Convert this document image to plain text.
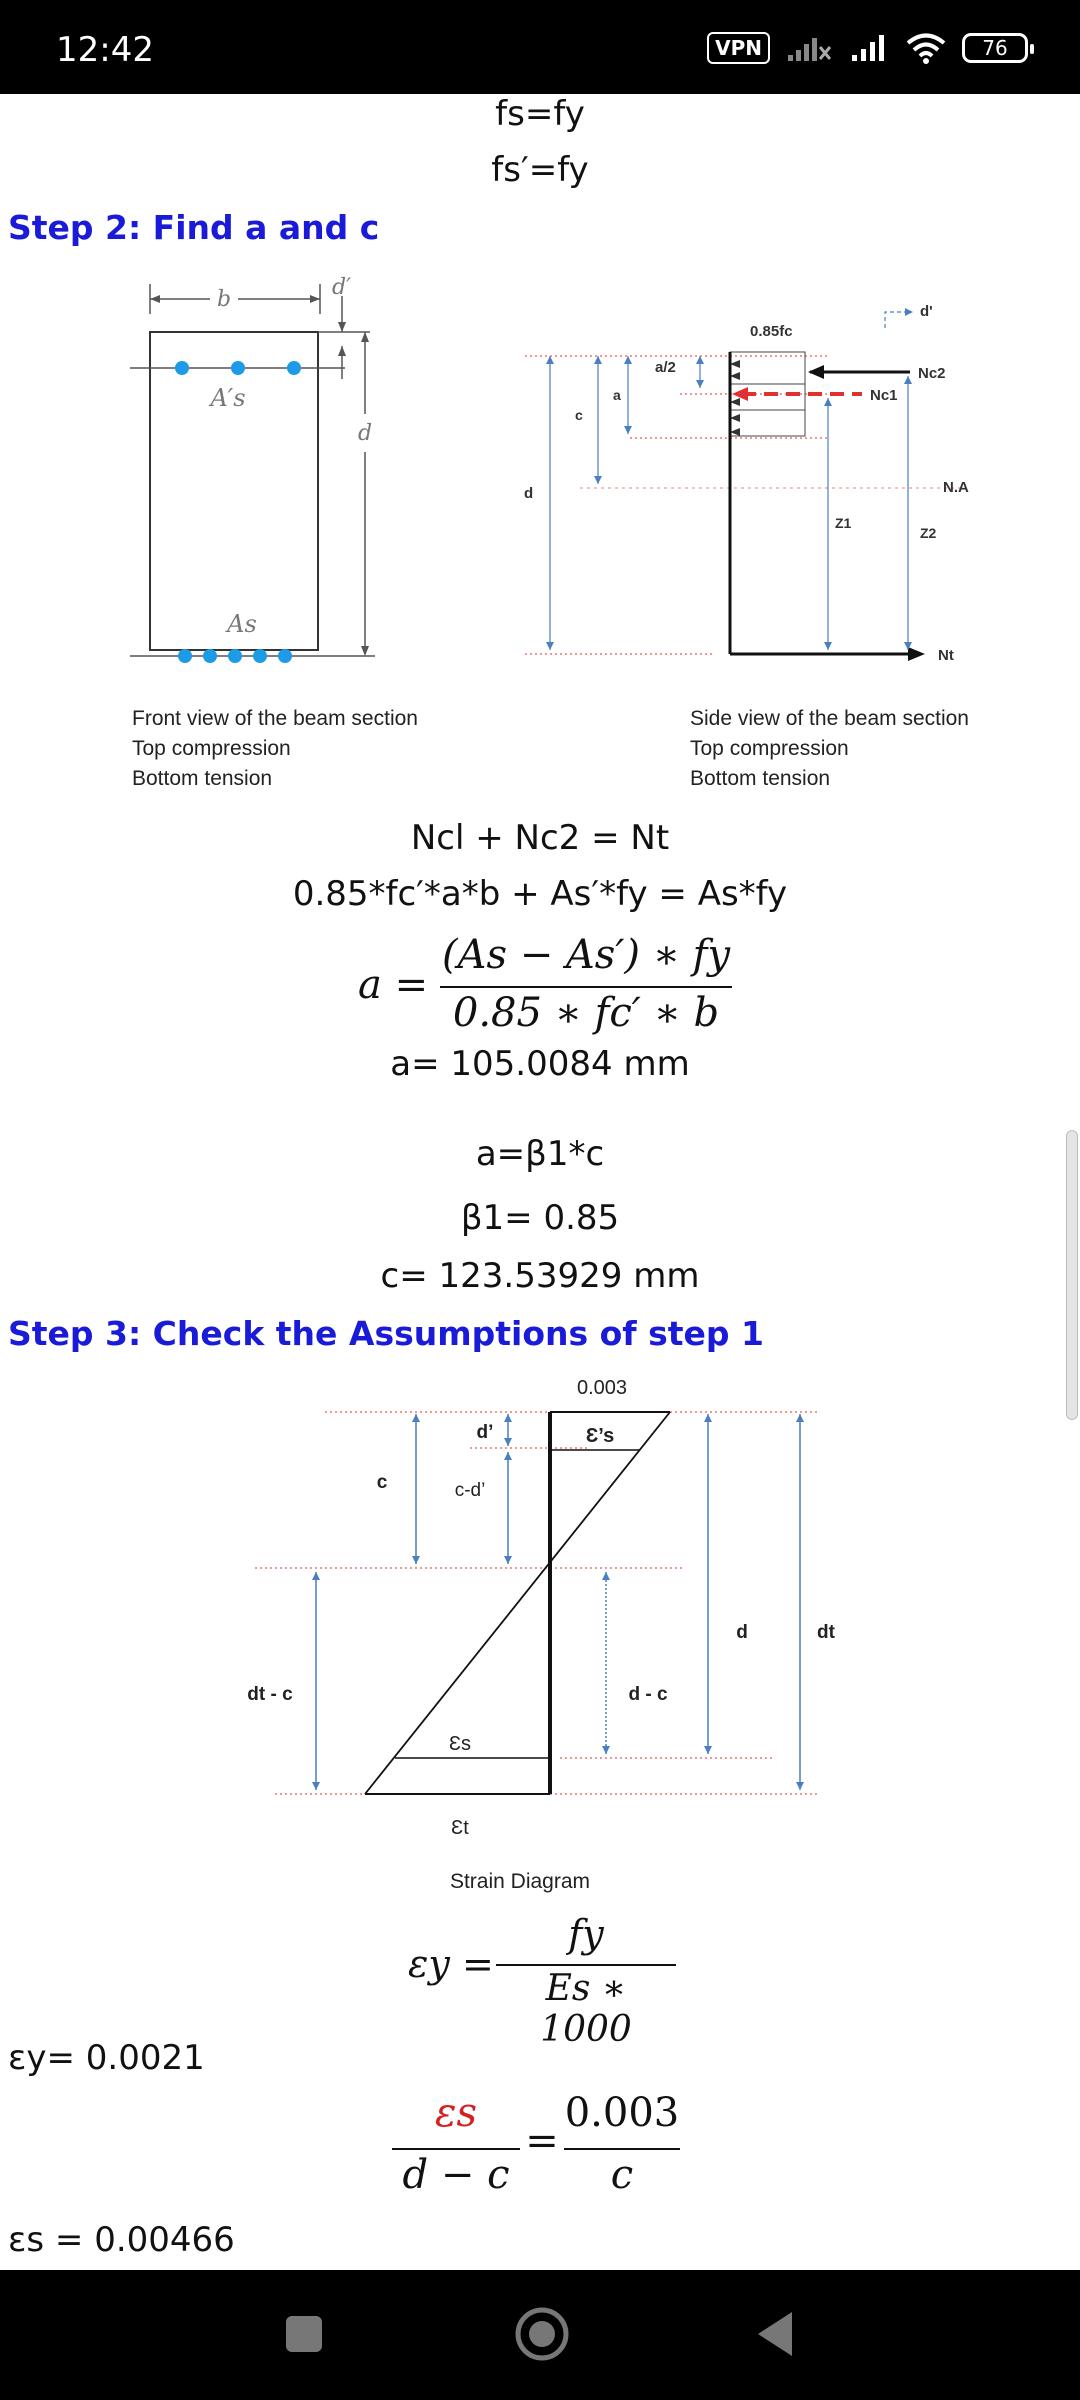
12:42	VPN	76
fs=fy
fs′=fy
Step 2: Find a and c
b	d′
A′s
d
As
Front view of the beam section
Top compression
Bottom tension
d'
0.85fc
Nt
Nc2
Nc1
a/2
a
c
d
Z1
Z2
N.A
Side view of the beam section
Top compression
Bottom tension
Ncl + Nc2 = Nt
0.85*fc′*a*b + As′*fy = As*fy
a =
(As − As′) ∗ fy
0.85 ∗ fc′ ∗ b
a= 105.0084 mm
a=β1*c
β1= 0.85
c= 123.53929 mm
Step 3: Check the Assumptions of step 1
0.003
Ɛ’s
Ɛs
Ɛt
d’
c-d’
c
dt - c	d - c
d	dt
Strain Diagram
εy =
fy
Es ∗ 1000
εy= 0.0021
εs
d − c
=
0.003
c
εs = 0.00466
